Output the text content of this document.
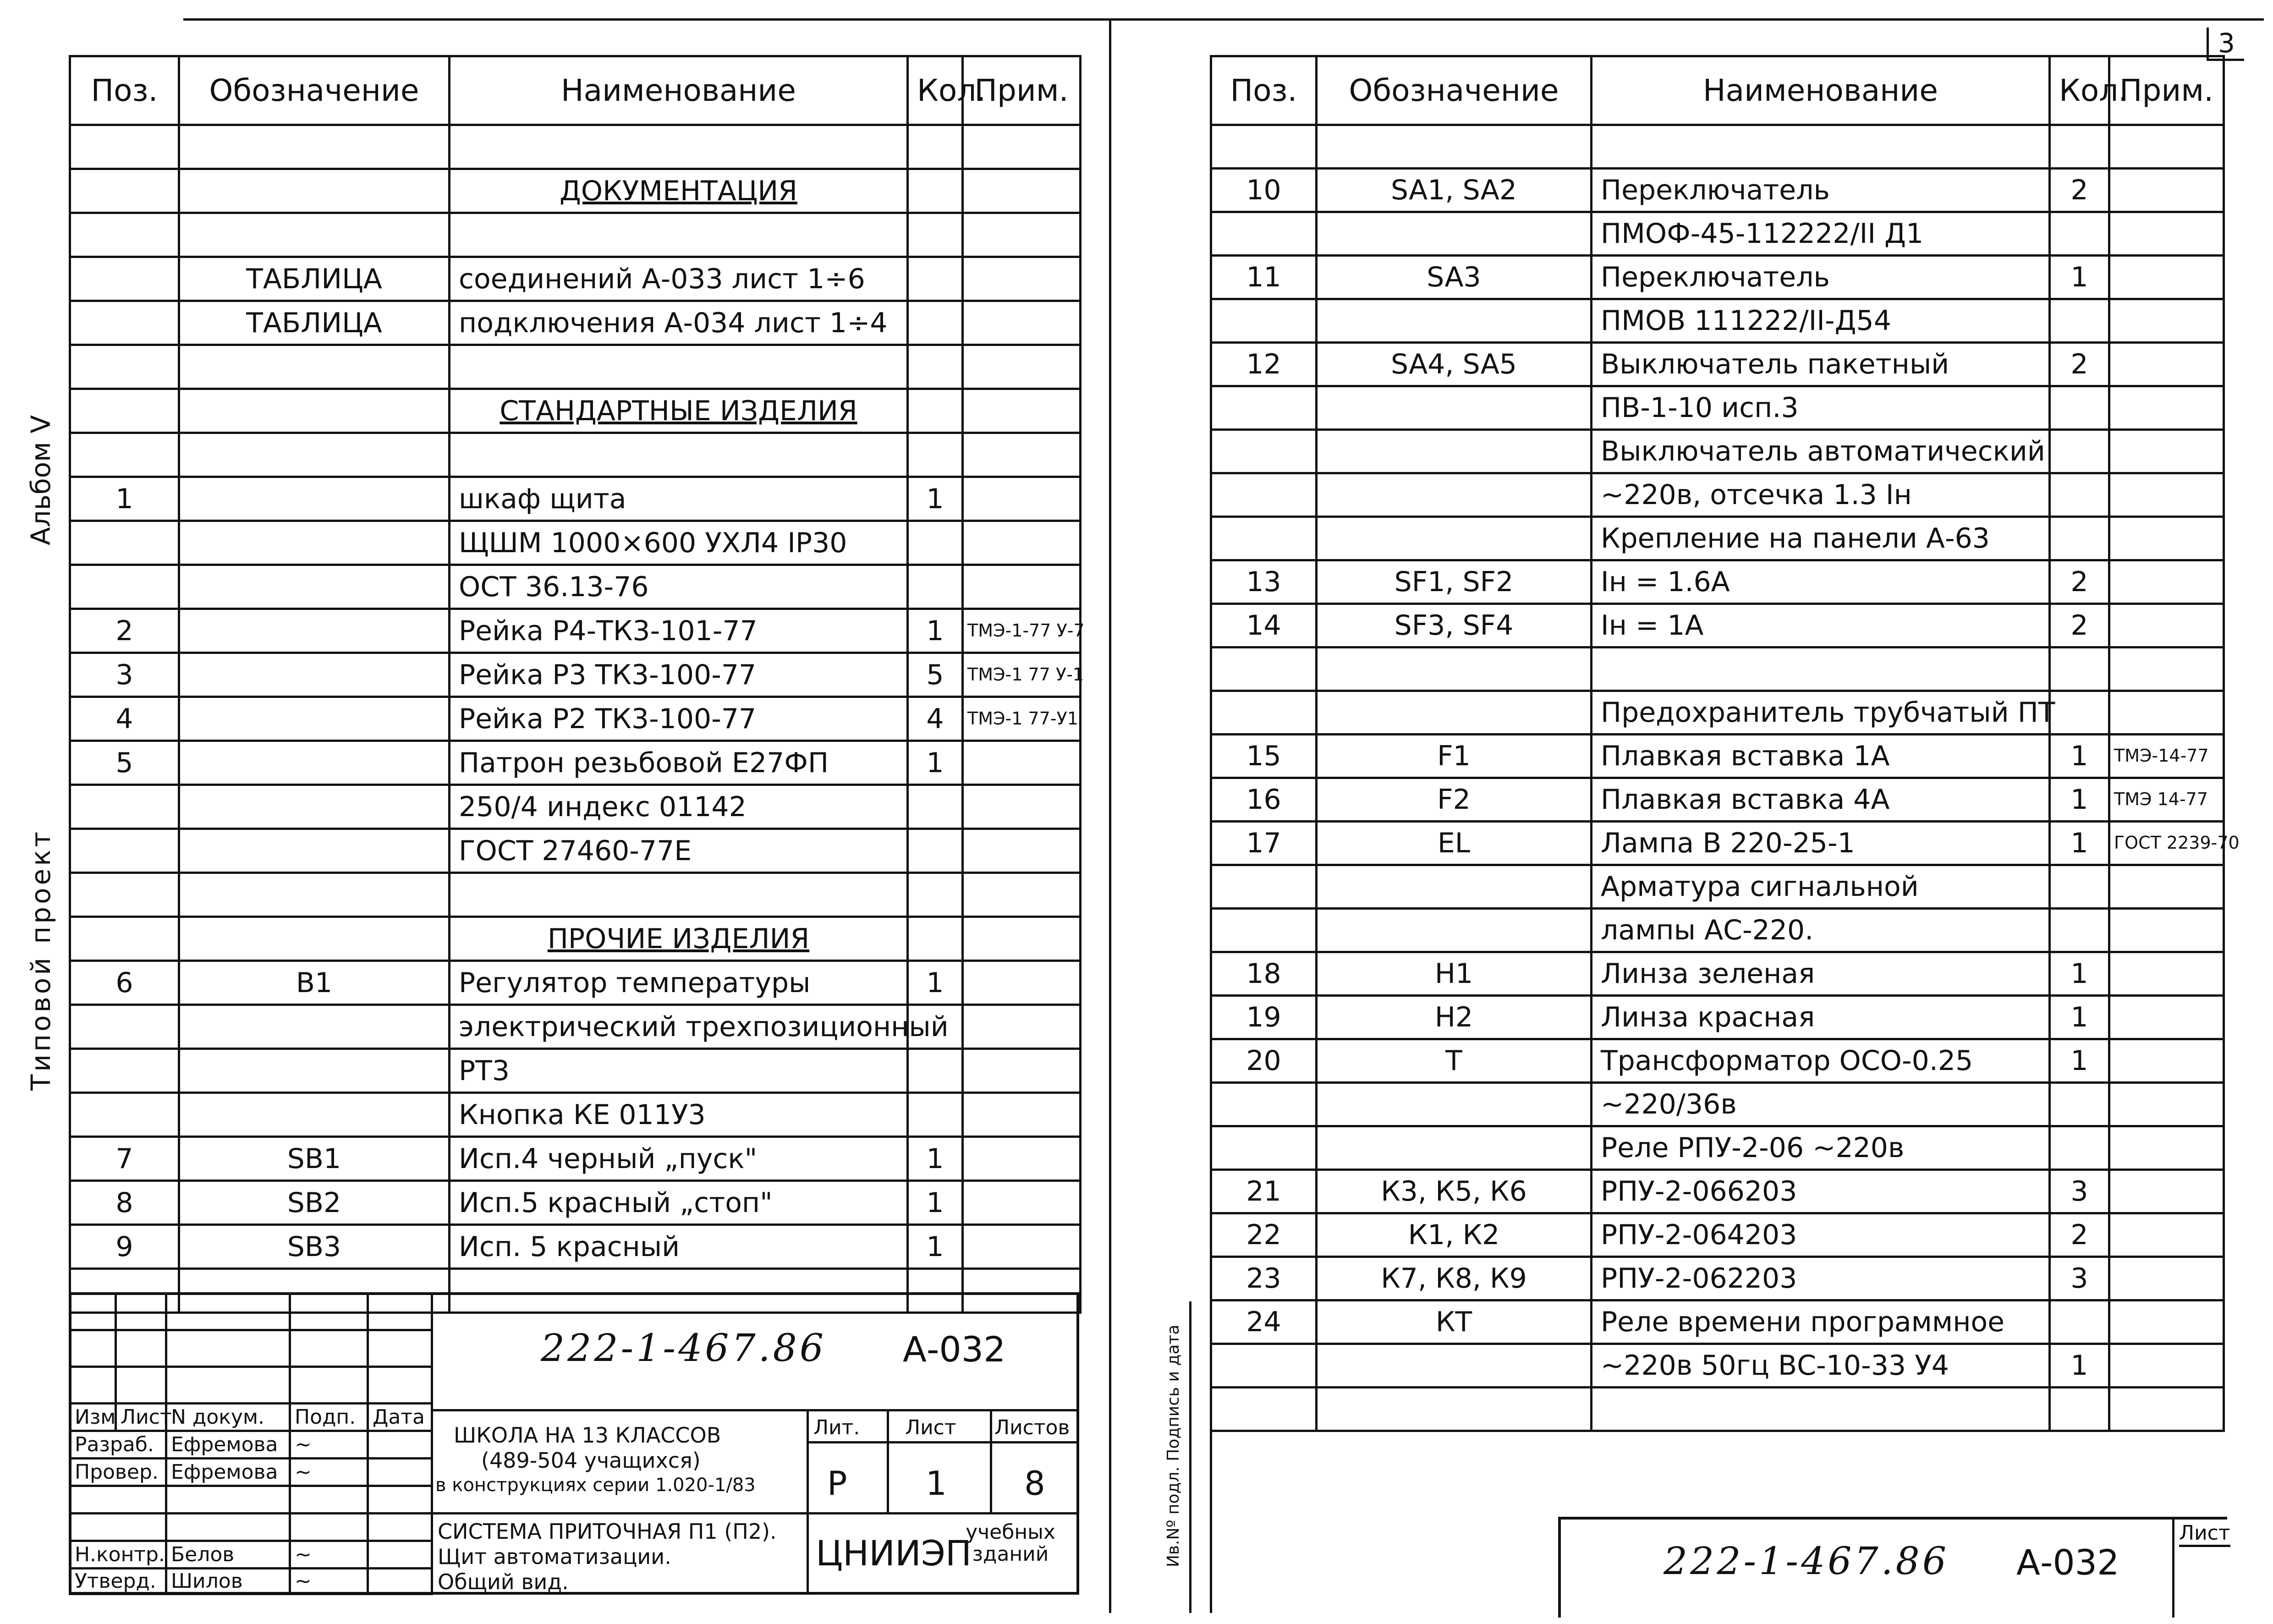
3
Альбом V
Типовой проект
Ив.Nº подл. Подпись и дата
Поз.	Обозначение	Наименование	Кол.	Прим.

		ДОКУМЕНТАЦИЯ		

	ТАБЛИЦА	соединений А-033 лист 1÷6		
	ТАБЛИЦА	подключения А-034 лист 1÷4		

		СТАНДАРТНЫЕ ИЗДЕЛИЯ		

1		шкаф щита	1	
		ЩШМ 1000×600 УХЛ4 IP30		
		ОСТ 36.13-76		
2		Рейка Р4-ТК3-101-77	1	ТМЭ-1-77 У-7
3		Рейка Р3 ТК3-100-77	5	ТМЭ-1 77 У-1
4		Рейка Р2 ТК3-100-77	4	ТМЭ-1 77-У1
5		Патрон резьбовой Е27ФП	1	
		250/4 индекс 01142		
		ГОСТ 27460-77Е		

		ПРОЧИЕ ИЗДЕЛИЯ		
6	В1	Регулятор температуры	1	
		электрический трехпозиционный		
		РТ3		
		Кнопка КЕ 011У3		
7	SB1	Исп.4 черный „пуск"	1	
8	SB2	Исп.5 красный „стоп"	1	
9	SB3	Исп. 5 красный	1	

Изм	Лист	N докум.	Подп.	Дата
Разраб.		Ефремова	~	
Провер.		Ефремова	~	

Н.контр.		Белов	~	
Утверд.		Шилов	~	
222-1-467.86 А-032
ШКОЛА НА 13 КЛАССОВ
(489-504 учащихся)
в конструкциях серии 1.020-1/83
Лит. Лист Листов
Р 1 8
СИСТЕМА ПРИТОЧНАЯ П1 (П2).
Щит автоматизации.
Общий вид.
ЦНИИЭП
учебных зданий
Поз.	Обозначение	Наименование	Кол.	Прим.

10	SA1, SA2	Переключатель	2	
		ПМОФ-45-112222/II Д1		
11	SA3	Переключатель	1	
		ПМОВ 111222/II-Д54		
12	SA4, SA5	Выключатель пакетный	2	
		ПВ-1-10 исп.3		
		Выключатель автоматический		
		~220в, отсечка 1.3 Iн		
		Крепление на панели А-63		
13	SF1, SF2	Iн = 1.6А	2	
14	SF3, SF4	Iн = 1А	2	

		Предохранитель трубчатый ПТ		
15	F1	Плавкая вставка 1А	1	ТМЭ-14-77
16	F2	Плавкая вставка 4А	1	ТМЭ 14-77
17	EL	Лампа В 220-25-1	1	ГОСТ 2239-70
		Арматура сигнальной		
		лампы АС-220.		
18	Н1	Линза зеленая	1	
19	Н2	Линза красная	1	
20	Т	Трансформатор ОСО-0.25	1	
		~220/36в		
		Реле РПУ-2-06 ~220в		
21	К3, К5, К6	РПУ-2-066203	3	
22	К1, К2	РПУ-2-064203	2	
23	К7, К8, К9	РПУ-2-062203	3	
24	КТ	Реле времени программное		
		~220в 50гц ВС-10-33 У4	1	

222-1-467.86 А-032
Лист
